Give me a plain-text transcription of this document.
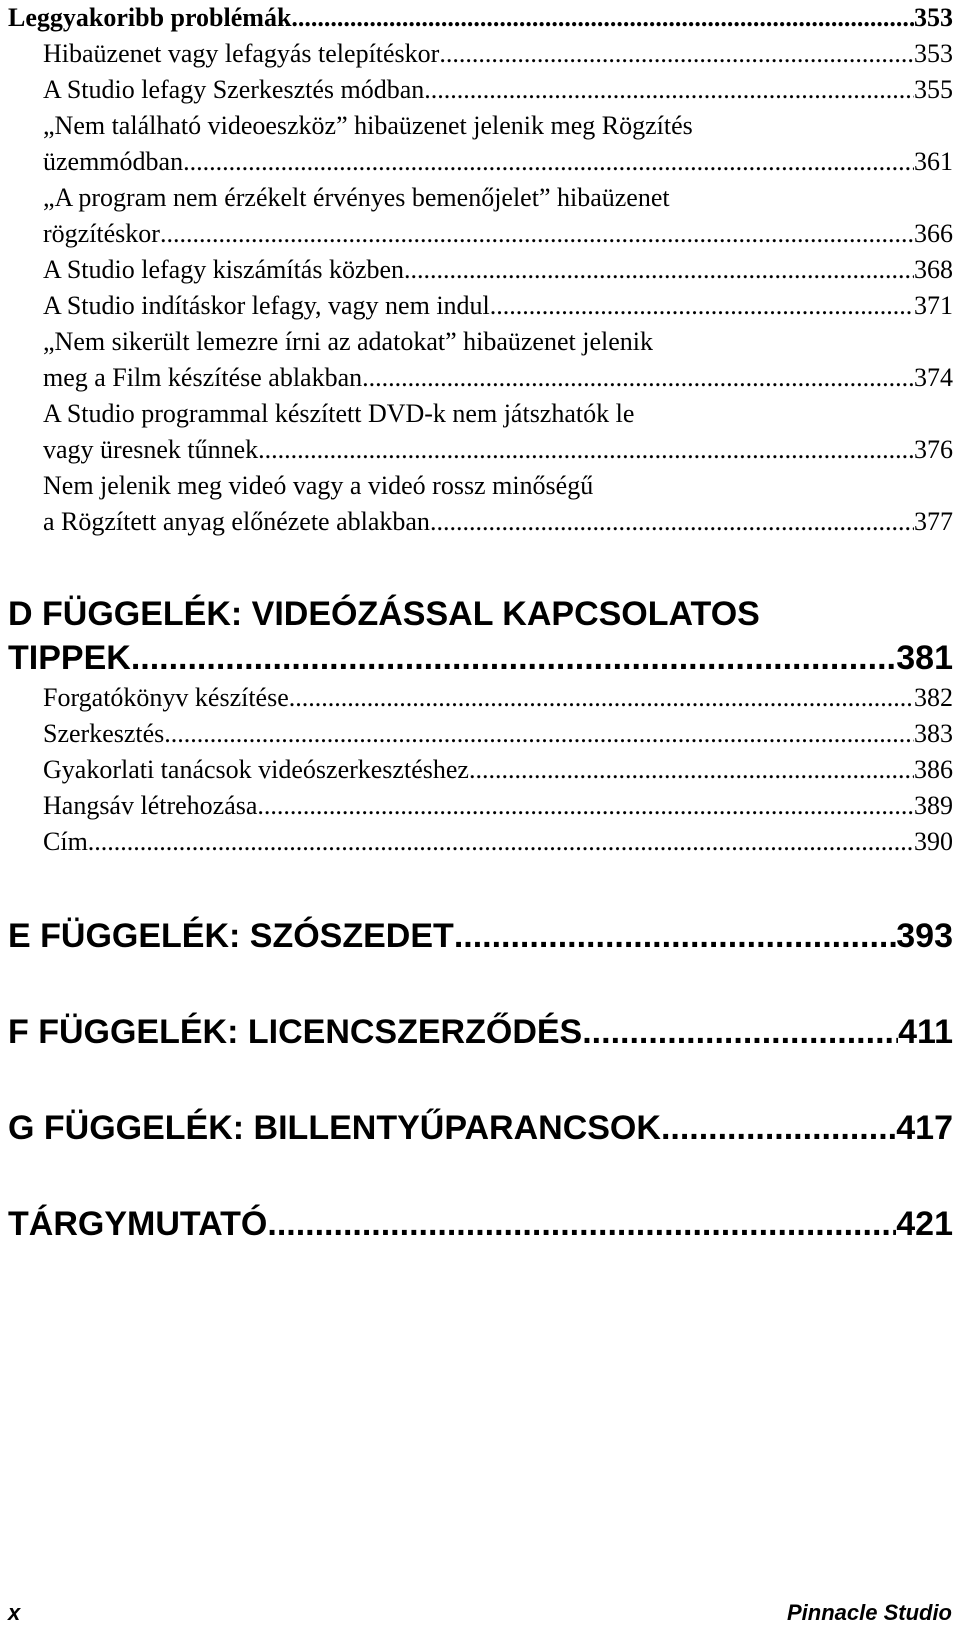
Leggyakoribb problémák .....	353
Hibaüzenet vagy lefagyás telepítéskor .....	353
A Studio lefagy Szerkesztés módban .....	355
„Nem található videoeszköz” hibaüzenet jelenik meg Rögzítés
üzemmódban .....	361
„A program nem érzékelt érvényes bemenőjelet” hibaüzenet
rögzítéskor .....	366
A Studio lefagy kiszámítás közben .....	368
A Studio indításkor lefagy, vagy nem indul .....	371
„Nem sikerült lemezre írni az adatokat” hibaüzenet jelenik
meg a Film készítése ablakban .....	374
A Studio programmal készített DVD-k nem játszhatók le
vagy üresnek tűnnek .....	376
Nem jelenik meg videó vagy a videó rossz minőségű
a Rögzített anyag előnézete ablakban .....	377
D FÜGGELÉK: VIDEÓZÁSSAL KAPCSOLATOS
TIPPEK .....	381
Forgatókönyv készítése .....	382
Szerkesztés .....	383
Gyakorlati tanácsok videószerkesztéshez .....	386
Hangsáv létrehozása .....	389
Cím .....	390
E FÜGGELÉK: SZÓSZEDET .....	393
F FÜGGELÉK: LICENCSZERZŐDÉS .....	411
G FÜGGELÉK: BILLENTYŰPARANCSOK .....	417
TÁRGYMUTATÓ .....	421
x	Pinnacle Studio
